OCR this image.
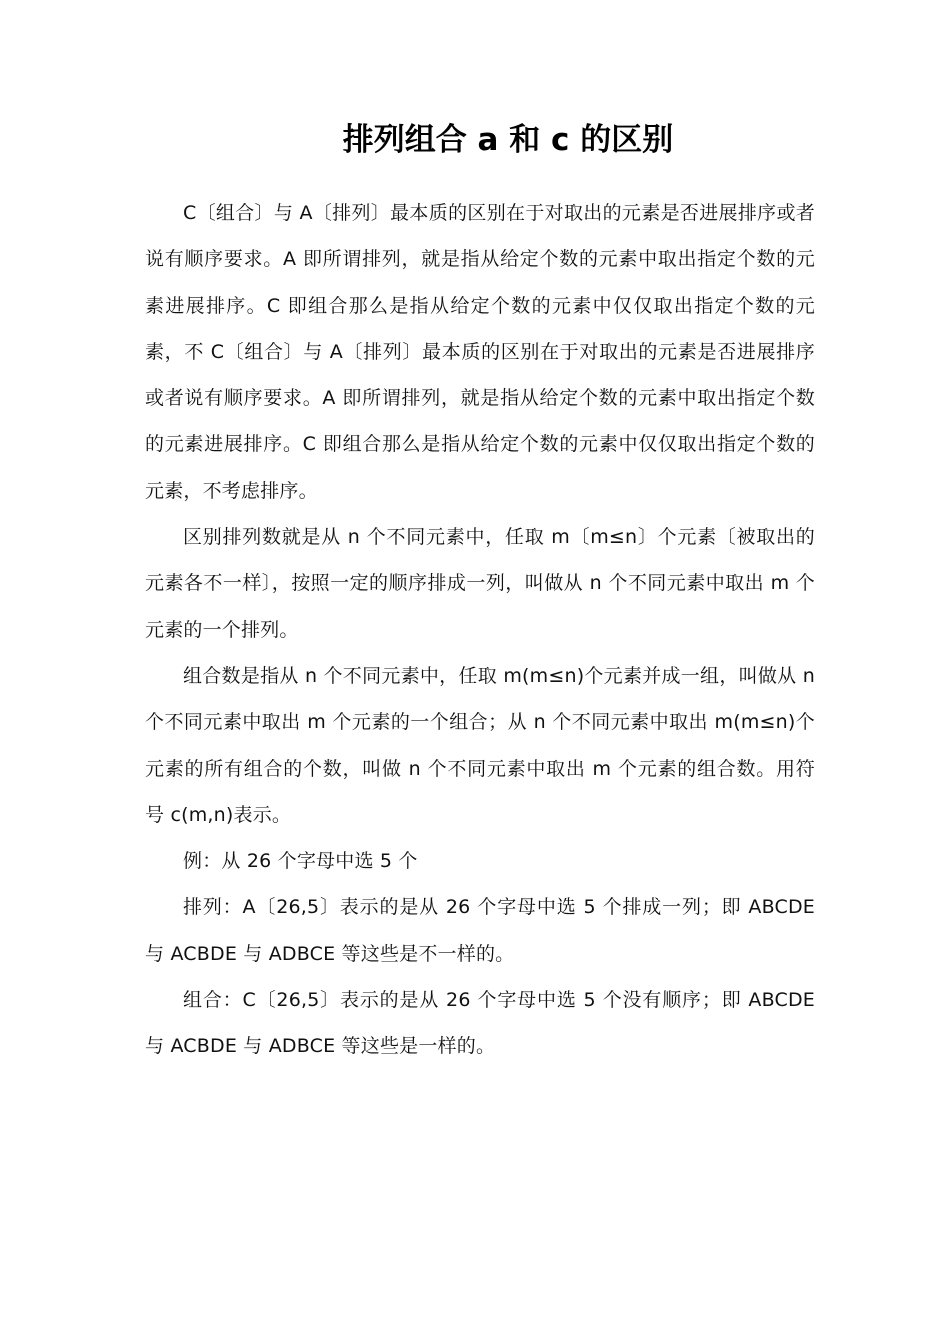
排列组合 a 和 c 的区别

C〔组合〕与 A〔排列〕最本质的区别在于对取出的元素是否进展排序或者说有顺序要求。A 即所谓排列，就是指从给定个数的元素中取出指定个数的元素进展排序。C 即组合那么是指从给定个数的元素中仅仅取出指定个数的元素，不 C〔组合〕与 A〔排列〕最本质的区别在于对取出的元素是否进展排序或者说有顺序要求。A 即所谓排列，就是指从给定个数的元素中取出指定个数的元素进展排序。C 即组合那么是指从给定个数的元素中仅仅取出指定个数的元素，不考虑排序。

区别排列数就是从 n 个不同元素中，任取 m〔m≤n〕个元素〔被取出的元素各不一样〕，按照一定的顺序排成一列，叫做从 n 个不同元素中取出 m 个元素的一个排列。

组合数是指从 n 个不同元素中，任取 m(m≤n)个元素并成一组，叫做从 n 个不同元素中取出 m 个元素的一个组合；从 n 个不同元素中取出 m(m≤n)个元素的所有组合的个数，叫做 n 个不同元素中取出 m 个元素的组合数。用符号 c(m,n)表示。

例：从 26 个字母中选 5 个

排列：A〔26,5〕表示的是从 26 个字母中选 5 个排成一列；即 ABCDE 与 ACBDE 与 ADBCE 等这些是不一样的。

组合：C〔26,5〕表示的是从 26 个字母中选 5 个没有顺序；即 ABCDE 与 ACBDE 与 ADBCE 等这些是一样的。
